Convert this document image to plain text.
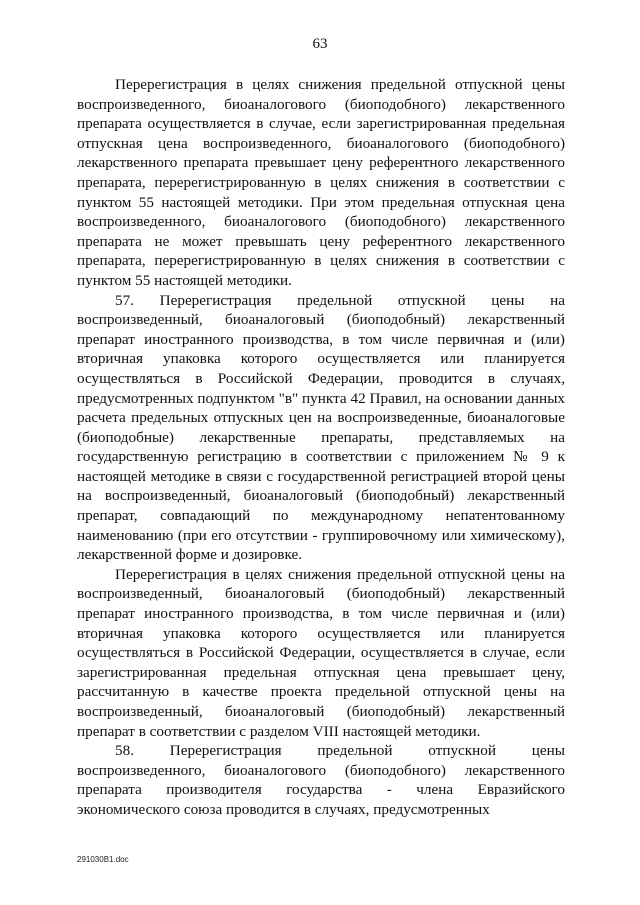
63

Перерегистрация в целях снижения предельной отпускной цены воспроизведенного, биоаналогового (биоподобного) лекарственного препарата осуществляется в случае, если зарегистрированная предельная отпускная цена воспроизведенного, биоаналогового (биоподобного) лекарственного препарата превышает цену референтного лекарственного препарата, перерегистрированную в целях снижения в соответствии с пунктом 55 настоящей методики. При этом предельная отпускная цена воспроизведенного, биоаналогового (биоподобного) лекарственного препарата не может превышать цену референтного лекарственного препарата, перерегистрированную в целях снижения в соответствии с пунктом 55 настоящей методики.

57. Перерегистрация предельной отпускной цены на воспроизведенный, биоаналоговый (биоподобный) лекарственный препарат иностранного производства, в том числе первичная и (или) вторичная упаковка которого осуществляется или планируется осуществляться в Российской Федерации, проводится в случаях, предусмотренных подпунктом "в" пункта 42 Правил, на основании данных расчета предельных отпускных цен на воспроизведенные, биоаналоговые (биоподобные) лекарственные препараты, представляемых на государственную регистрацию в соответствии с приложением № 9 к настоящей методике в связи с государственной регистрацией второй цены на воспроизведенный, биоаналоговый (биоподобный) лекарственный препарат, совпадающий по международному непатентованному наименованию (при его отсутствии - группировочному или химическому), лекарственной форме и дозировке.

Перерегистрация в целях снижения предельной отпускной цены на воспроизведенный, биоаналоговый (биоподобный) лекарственный препарат иностранного производства, в том числе первичная и (или) вторичная упаковка которого осуществляется или планируется осуществляться в Российской Федерации, осуществляется в случае, если зарегистрированная предельная отпускная цена превышает цену, рассчитанную в качестве проекта предельной отпускной цены на воспроизведенный, биоаналоговый (биоподобный) лекарственный препарат в соответствии с разделом VIII настоящей методики.

58. Перерегистрация предельной отпускной цены воспроизведенного, биоаналогового (биоподобного) лекарственного препарата производителя государства - члена Евразийского экономического союза проводится в случаях, предусмотренных

291030B1.doc
